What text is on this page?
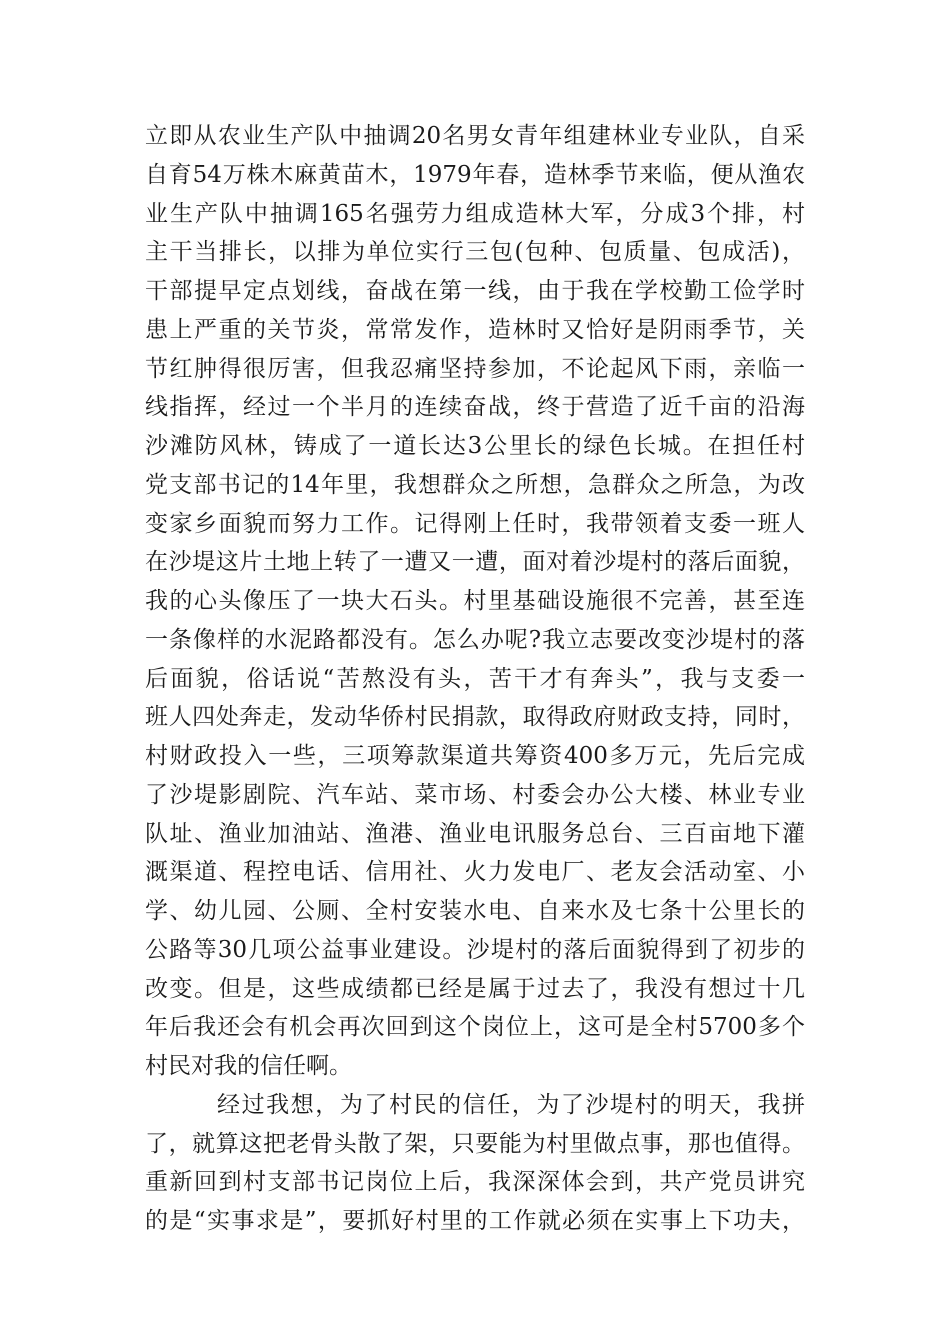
立即从农业生产队中抽调20名男女青年组建林业专业队，自采
自育54万株木麻黄苗木，1979年春，造林季节来临，便从渔农
业生产队中抽调165名强劳力组成造林大军，分成3个排，村
主干当排长，以排为单位实行三包(包种、包质量、包成活)，
干部提早定点划线，奋战在第一线，由于我在学校勤工俭学时
患上严重的关节炎，常常发作，造林时又恰好是阴雨季节，关
节红肿得很厉害，但我忍痛坚持参加，不论起风下雨，亲临一
线指挥，经过一个半月的连续奋战，终于营造了近千亩的沿海
沙滩防风林，铸成了一道长达3公里长的绿色长城。在担任村
党支部书记的14年里，我想群众之所想，急群众之所急，为改
变家乡面貌而努力工作。记得刚上任时，我带领着支委一班人
在沙堤这片土地上转了一遭又一遭，面对着沙堤村的落后面貌，
我的心头像压了一块大石头。村里基础设施很不完善，甚至连
一条像样的水泥路都没有。怎么办呢?我立志要改变沙堤村的落
后面貌，俗话说“苦熬没有头，苦干才有奔头”，我与支委一
班人四处奔走，发动华侨村民捐款，取得政府财政支持，同时，
村财政投入一些，三项筹款渠道共筹资400多万元，先后完成
了沙堤影剧院、汽车站、菜市场、村委会办公大楼、林业专业
队址、渔业加油站、渔港、渔业电讯服务总台、三百亩地下灌
溉渠道、程控电话、信用社、火力发电厂、老友会活动室、小
学、幼儿园、公厕、全村安装水电、自来水及七条十公里长的
公路等30几项公益事业建设。沙堤村的落后面貌得到了初步的
改变。但是，这些成绩都已经是属于过去了，我没有想过十几
年后我还会有机会再次回到这个岗位上，这可是全村5700多个
村民对我的信任啊。
经过我想，为了村民的信任，为了沙堤村的明天，我拼
了，就算这把老骨头散了架，只要能为村里做点事，那也值得。
重新回到村支部书记岗位上后，我深深体会到，共产党员讲究
的是“实事求是”，要抓好村里的工作就必须在实事上下功夫，
